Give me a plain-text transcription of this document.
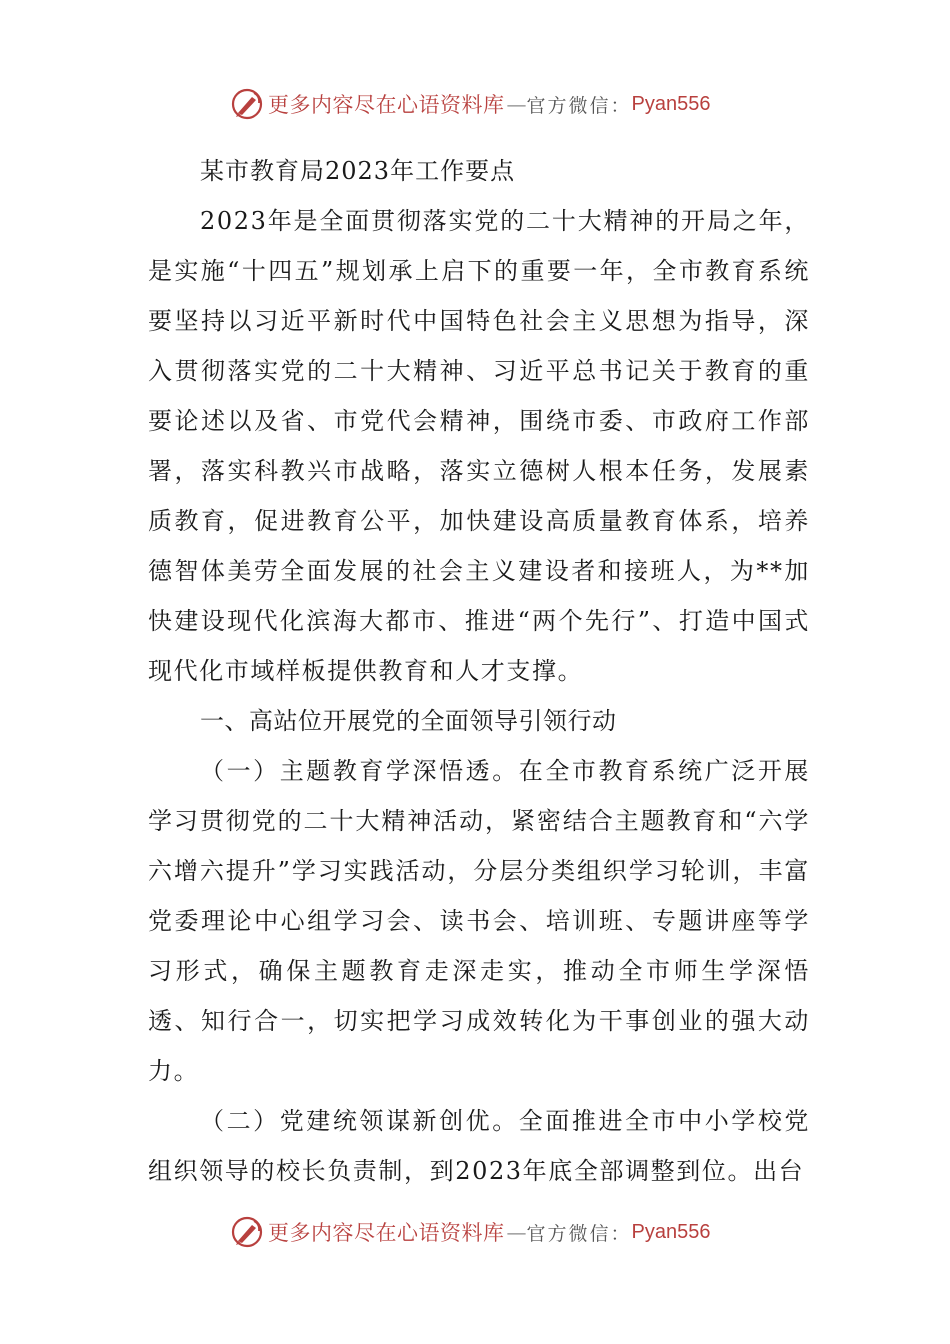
更多内容尽在心语资料库 — 官方微信： Pyan556
某市教育局2023年工作要点

2023年是全面贯彻落实党的二十大精神的开局之年，是实施“十四五”规划承上启下的重要一年，全市教育系统要坚持以习近平新时代中国特色社会主义思想为指导，深入贯彻落实党的二十大精神、习近平总书记关于教育的重要论述以及省、市党代会精神，围绕市委、市政府工作部署，落实科教兴市战略，落实立德树人根本任务，发展素质教育，促进教育公平，加快建设高质量教育体系，培养德智体美劳全面发展的社会主义建设者和接班人，为**加快建设现代化滨海大都市、推进“两个先行”、打造中国式现代化市域样板提供教育和人才支撑。

一、高站位开展党的全面领导引领行动

（一）主题教育学深悟透。在全市教育系统广泛开展学习贯彻党的二十大精神活动，紧密结合主题教育和“六学六增六提升”学习实践活动，分层分类组织学习轮训，丰富党委理论中心组学习会、读书会、培训班、专题讲座等学习形式，确保主题教育走深走实，推动全市师生学深悟透、知行合一，切实把学习成效转化为干事创业的强大动力。

（二）党建统领谋新创优。全面推进全市中小学校党组织领导的校长负责制，到2023年底全部调整到位。出台

更多内容尽在心语资料库 — 官方微信： Pyan556
